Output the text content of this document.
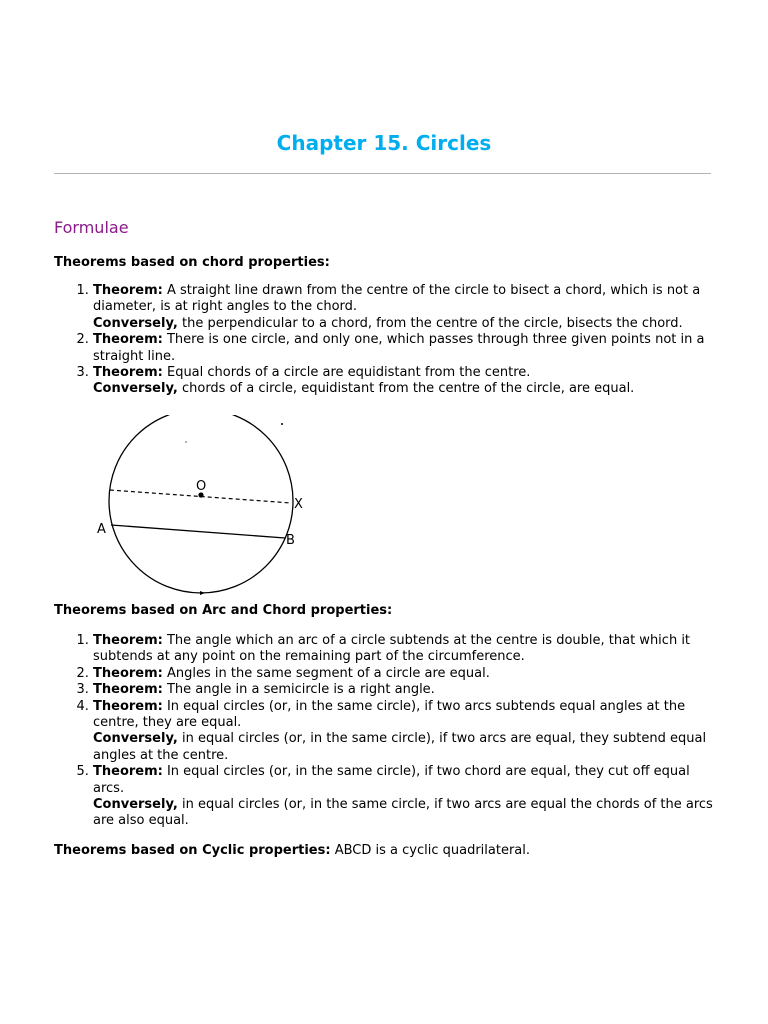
Chapter 15. Circles
Formulae

Theorems based on chord properties:

1. Theorem: A straight line drawn from the centre of the circle to bisect a chord, which is not a diameter, is at right angles to the chord.
Conversely, the perpendicular to a chord, from the centre of the circle, bisects the chord.
2. Theorem: There is one circle, and only one, which passes through three given points not in a straight line.
3. Theorem: Equal chords of a circle are equidistant from the centre.
Conversely, chords of a circle, equidistant from the centre of the circle, are equal.
O
X
A
B

Theorems based on Arc and Chord properties:

1. Theorem: The angle which an arc of a circle subtends at the centre is double, that which it subtends at any point on the remaining part of the circumference.
2. Theorem: Angles in the same segment of a circle are equal.
3. Theorem: The angle in a semicircle is a right angle.
4. Theorem: In equal circles (or, in the same circle), if two arcs subtends equal angles at the centre, they are equal.
Conversely, in equal circles (or, in the same circle), if two arcs are equal, they subtend equal angles at the centre.
5. Theorem: In equal circles (or, in the same circle), if two chord are equal, they cut off equal arcs.
Conversely, in equal circles (or, in the same circle, if two arcs are equal the chords of the arcs are also equal.

Theorems based on Cyclic properties: ABCD is a cyclic quadrilateral.
